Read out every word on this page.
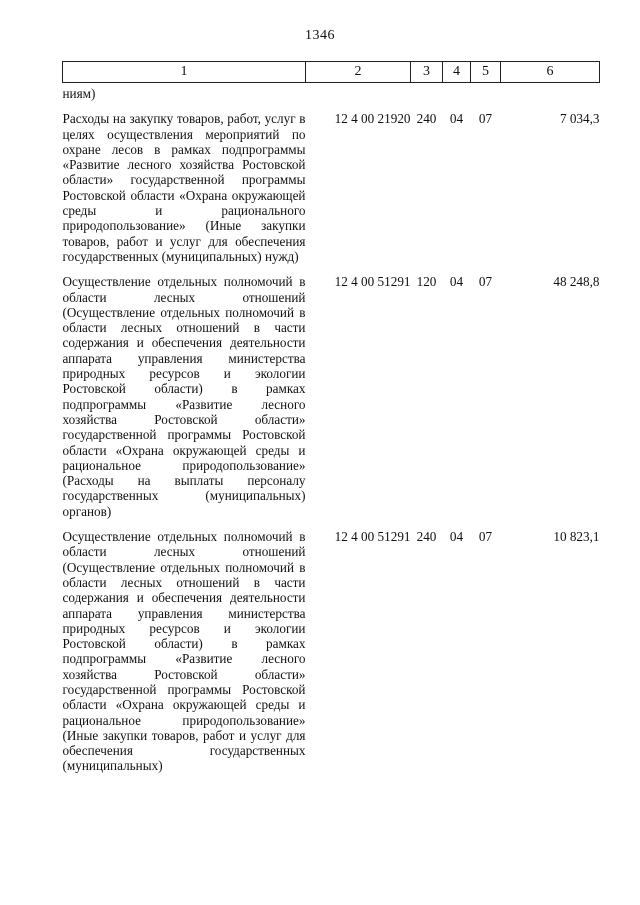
1346
1	2	3	4	5	6
ниям)					
Расходы на закупку товаров, работ, услуг в целях осуществления мероприятий по охране лесов в рамках подпрограммы «Развитие лесного хозяйства Ростовской области» государственной программы Ростовской области «Охрана окружающей среды и рационального природопользование» (Иные закупки товаров, работ и услуг для обеспечения государственных (муниципальных) нужд)	12 4 00 21920	240	04	07	7 034,3
Осуществление отдельных полномочий в области лесных отношений (Осуществление отдельных полномочий в области лесных отношений в части содержания и обеспечения деятельности аппарата управления министерства природных ресурсов и экологии Ростовской области) в рамках подпрограммы «Развитие лесного хозяйства Ростовской области» государственной программы Ростовской области «Охрана окружающей среды и рациональное природопользование» (Расходы на выплаты персоналу государственных (муниципальных) органов)	12 4 00 51291	120	04	07	48 248,8
Осуществление отдельных полномочий в области лесных отношений (Осуществление отдельных полномочий в области лесных отношений в части содержания и обеспечения деятельности аппарата управления министерства природных ресурсов и экологии Ростовской области) в рамках подпрограммы «Развитие лесного хозяйства Ростовской области» государственной программы Ростовской области «Охрана окружающей среды и рациональное природопользование» (Иные закупки товаров, работ и услуг для обеспечения государственных (муниципальных)	12 4 00 51291	240	04	07	10 823,1
